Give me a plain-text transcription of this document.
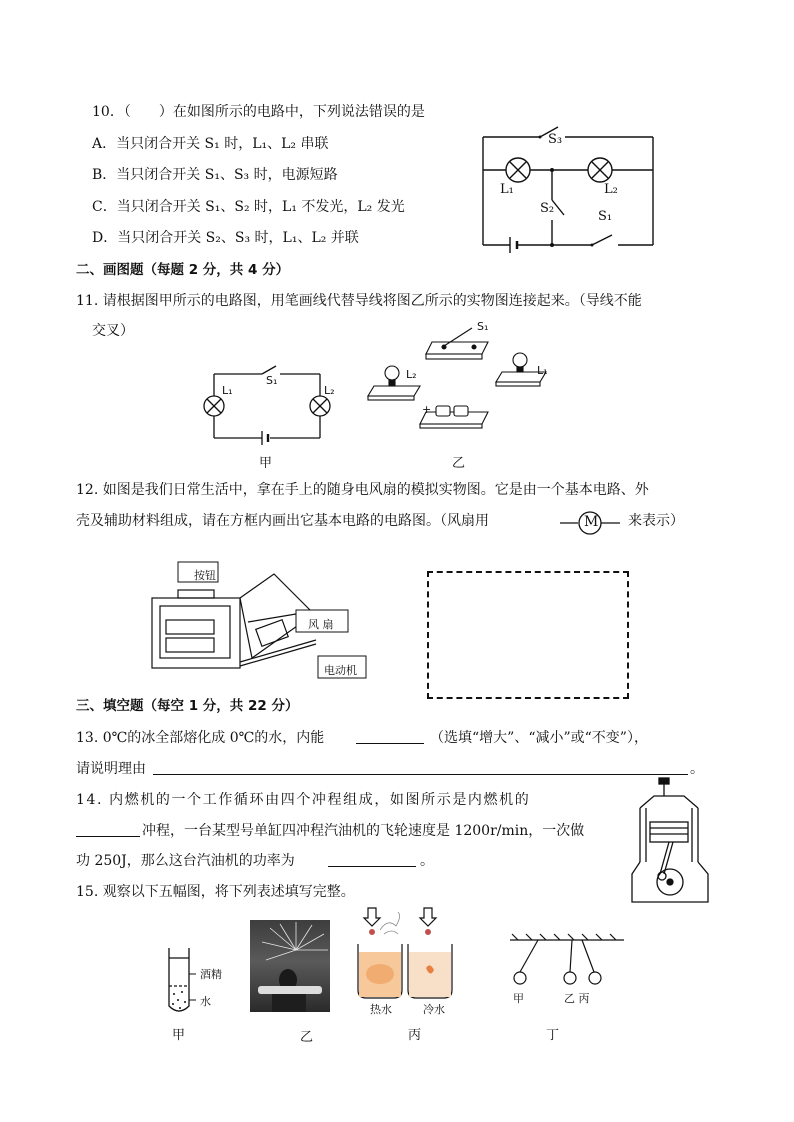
10．（　　）在如图所示的电路中，下列说法错误的是
A．当只闭合开关 S₁ 时，L₁、L₂ 串联
B．当只闭合开关 S₁、S₃ 时，电源短路
C．当只闭合开关 S₁、S₂ 时，L₁ 不发光，L₂ 发光
D．当只闭合开关 S₂、S₃ 时，L₁、L₂ 并联
S₃
L₁	L₂
S₂
S₁
二、画图题（每题 2 分，共 4 分）
11. 请根据图甲所示的电路图，用笔画线代替导线将图乙所示的实物图连接起来。（导线不能
交叉）
S₁
L₁	L₂
甲
S₁
L₂	L₁
+
乙
12. 如图是我们日常生活中，拿在手上的随身电风扇的模拟实物图。它是由一个基本电路、外
壳及辅助材料组成，请在方框内画出它基本电路的电路图。（风扇用	M 来表示）
按钮
风 扇
电动机
三、填空题（每空 1 分，共 22 分）
13. 0℃的冰全部熔化成 0℃的水，内能	（选填“增大”、“减小”或“不变”），
请说明理由	。
14. 内燃机的一个工作循环由四个冲程组成，如图所示是内燃机的
冲程，一台某型号单缸四冲程汽油机的飞轮速度是 1200r/min，一次做
功 250J，那么这台汽油机的功率为	。
15. 观察以下五幅图，将下列表述填写完整。
酒精
水
甲	乙
热水	冷水
丙
甲	乙 丙
丁
